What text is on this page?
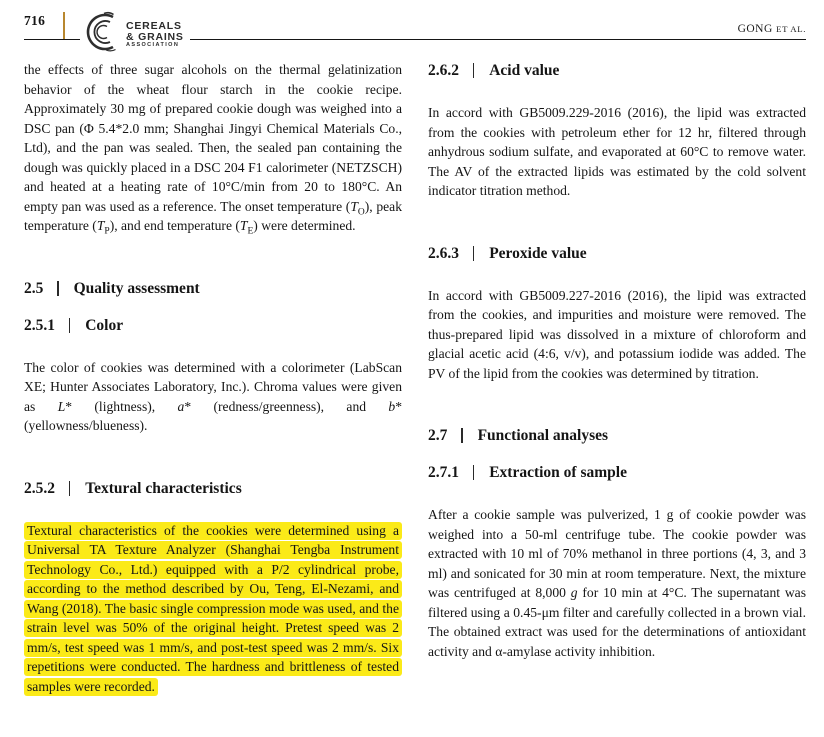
716	CEREALS
& GRAINS
ASSOCIATION
GONG ET AL.

the effects of three sugar alcohols on the thermal gelatinization behavior of the wheat flour starch in the cookie recipe. Approximately 30 mg of prepared cookie dough was weighed into a DSC pan (Φ 5.4*2.0 mm; Shanghai Jingyi Chemical Materials Co., Ltd), and the pan was sealed. Then, the sealed pan containing the dough was quickly placed in a DSC 204 F1 calorimeter (NETZSCH) and heated at a heating rate of 10°C/min from 20 to 180°C. An empty pan was used as a reference. The onset temperature $(T_O)$, peak temperature $(T_P)$, and end temperature $(T_E)$ were determined.

2.5 Quality assessment
2.5.1 Color

The color of cookies was determined with a colorimeter (LabScan XE; Hunter Associates Laboratory, Inc.). Chroma values were given as L* (lightness), a* (redness/greenness), and b* (yellowness/blueness).

2.5.2 Textural characteristics

Textural characteristics of the cookies were determined using a Universal TA Texture Analyzer (Shanghai Tengba Instrument Technology Co., Ltd.) equipped with a P/2 cylindrical probe, according to the method described by Ou, Teng, El-Nezami, and Wang (2018). The basic single compression mode was used, and the strain level was 50% of the original height. Pretest speed was 2 mm/s, test speed was 1 mm/s, and post-test speed was 2 mm/s. Six repetitions were conducted. The hardness and brittleness of tested samples were recorded.

2.6.2 Acid value

In accord with GB5009.229-2016 (2016), the lipid was extracted from the cookies with petroleum ether for 12 hr, filtered through anhydrous sodium sulfate, and evaporated at 60°C to remove water. The AV of the extracted lipids was estimated by the cold solvent indicator titration method.

2.6.3 Peroxide value

In accord with GB5009.227-2016 (2016), the lipid was extracted from the cookies, and impurities and moisture were removed. The thus-prepared lipid was dissolved in a mixture of chloroform and glacial acetic acid (4:6, v/v), and potassium iodide was added. The PV of the lipid from the cookies was determined by titration.

2.7 Functional analyses
2.7.1 Extraction of sample

After a cookie sample was pulverized, 1 g of cookie powder was weighed into a 50-ml centrifuge tube. The cookie powder was extracted with 10 ml of 70% methanol in three portions (4, 3, and 3 ml) and sonicated for 30 min at room temperature. Next, the mixture was centrifuged at 8,000 g for 10 min at 4°C. The supernatant was filtered using a 0.45-μm filter and carefully collected in a brown vial. The obtained extract was used for the determinations of antioxidant activity and α-amylase activity inhibition.
